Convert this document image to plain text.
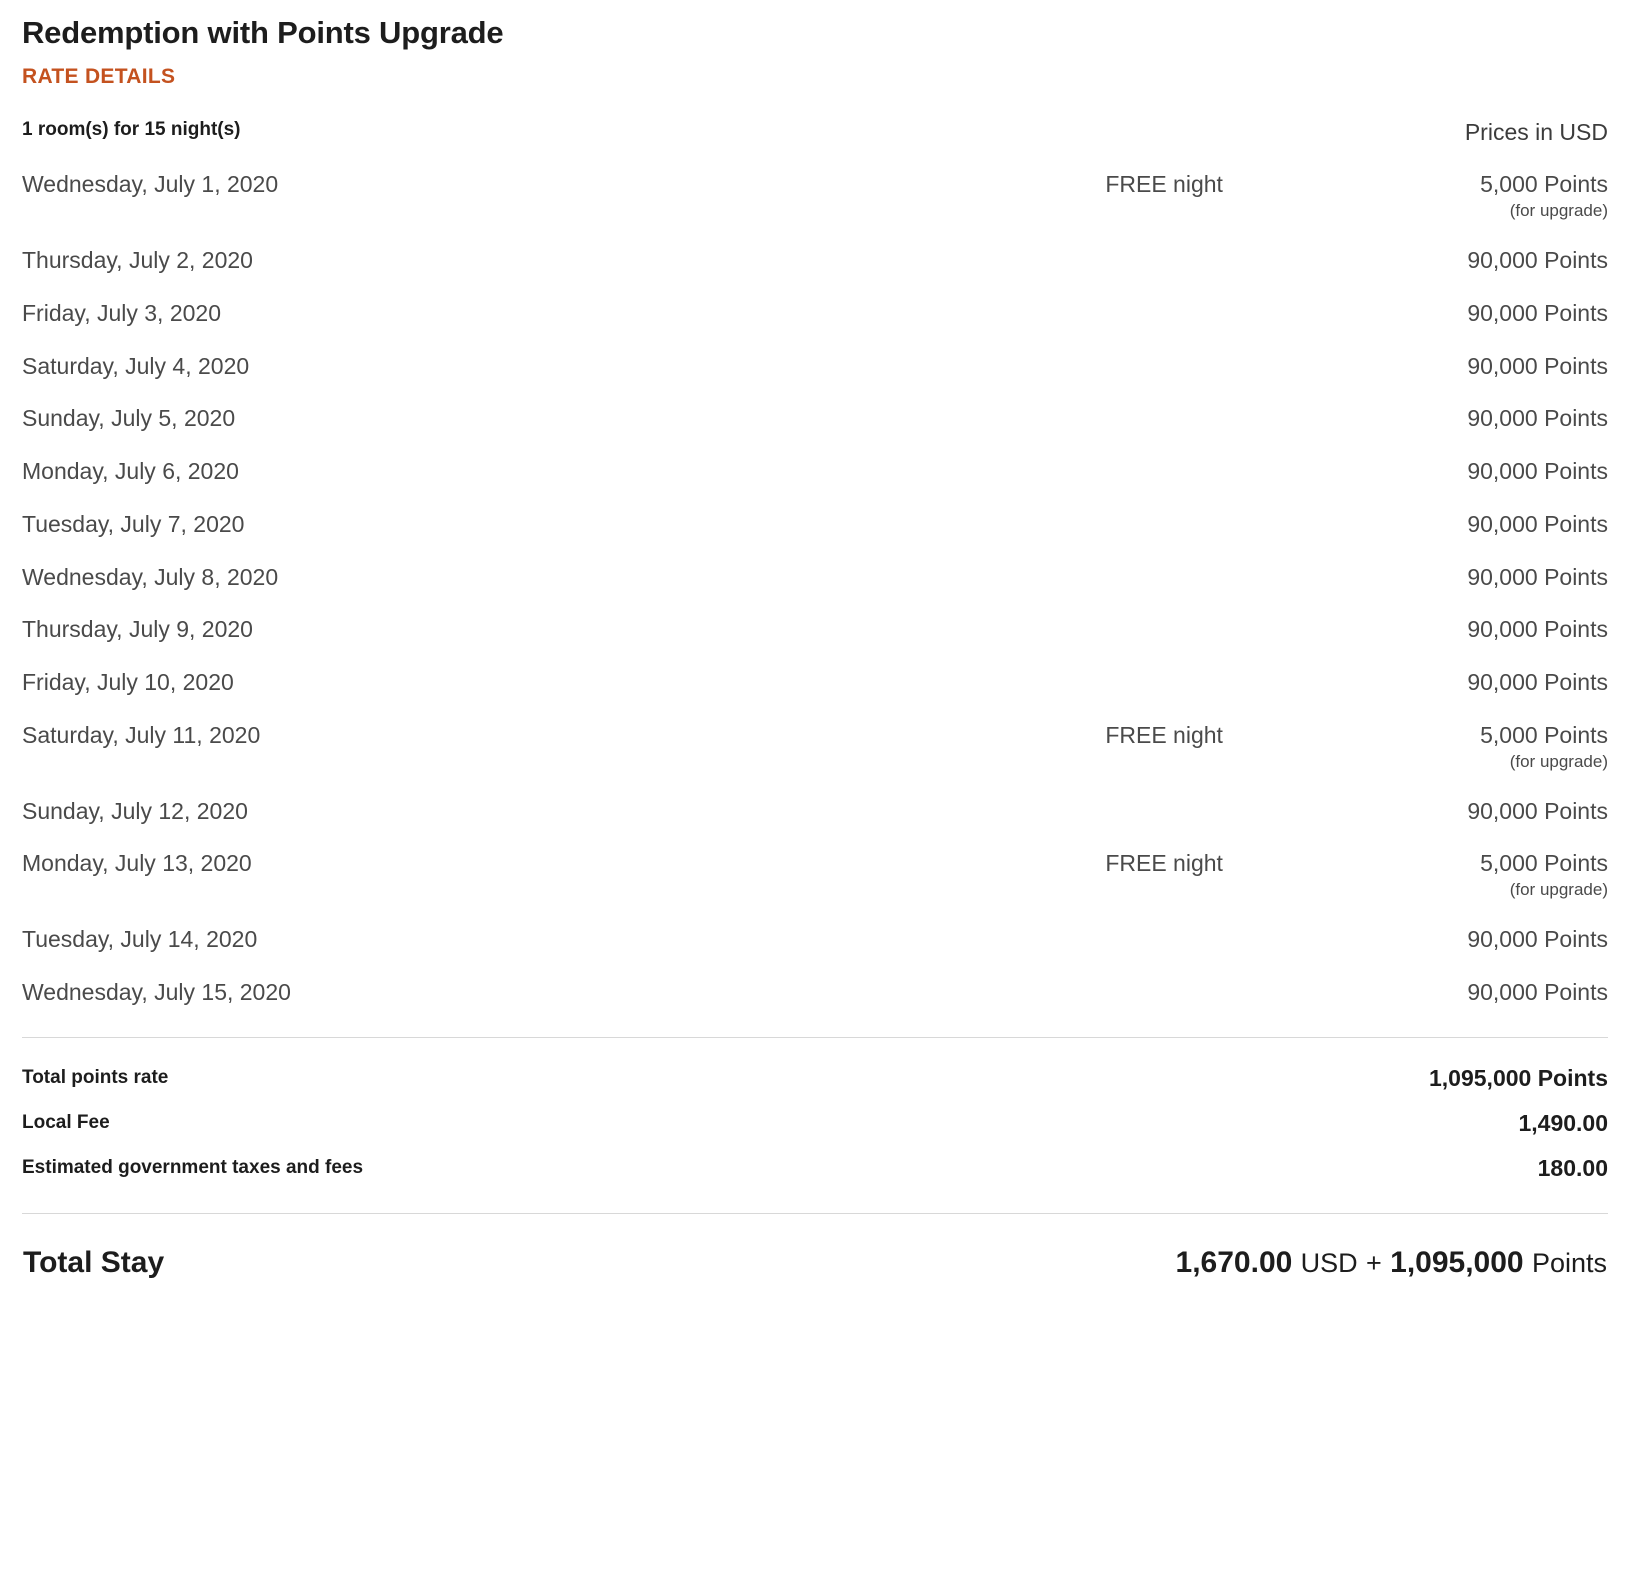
Redemption with Points Upgrade
RATE DETAILS
1 room(s) for 15 night(s)		Prices in USD
Wednesday, July 1, 2020	FREE night	5,000 Points
(for upgrade)

Thursday, July 2, 2020		90,000 Points
Friday, July 3, 2020		90,000 Points
Saturday, July 4, 2020		90,000 Points
Sunday, July 5, 2020		90,000 Points
Monday, July 6, 2020		90,000 Points
Tuesday, July 7, 2020		90,000 Points
Wednesday, July 8, 2020		90,000 Points
Thursday, July 9, 2020		90,000 Points
Friday, July 10, 2020		90,000 Points
Saturday, July 11, 2020	FREE night	5,000 Points
(for upgrade)

Sunday, July 12, 2020		90,000 Points
Monday, July 13, 2020	FREE night	5,000 Points
(for upgrade)

Tuesday, July 14, 2020		90,000 Points
Wednesday, July 15, 2020		90,000 Points
Total points rate	1,095,000 Points
Local Fee	1,490.00
Estimated government taxes and fees	180.00
Total Stay	1,670.00 USD + 1,095,000 Points
